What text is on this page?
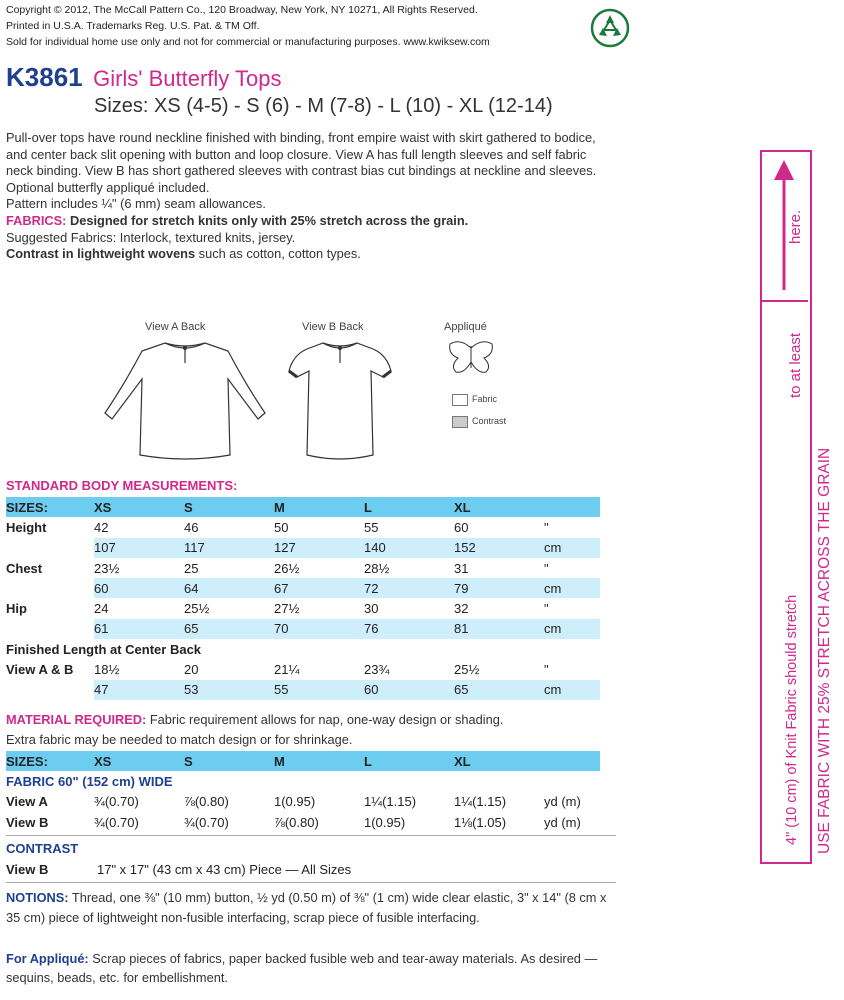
Copyright © 2012, The McCall Pattern Co., 120 Broadway, New York, NY 10271, All Rights Reserved.
Printed in U.S.A. Trademarks Reg. U.S. Pat. & TM Off.
Sold for individual home use only and not for commercial or manufacturing purposes. www.kwiksew.com
K3861 Girls' Butterfly Tops
Sizes: XS (4-5) - S (6) - M (7-8) - L (10) - XL (12-14)
Pull-over tops have round neckline finished with binding, front empire waist with skirt gathered to bodice, and center back slit opening with button and loop closure. View A has full length sleeves and self fabric neck binding. View B has short gathered sleeves with contrast bias cut bindings at neckline and sleeves. Optional butterfly appliqué included.
Pattern includes ¼" (6 mm) seam allowances.
FABRICS: Designed for stretch knits only with 25% stretch across the grain.
Suggested Fabrics: Interlock, textured knits, jersey.
Contrast in lightweight wovens such as cotton, cotton types.
View A Back	View B Back	Appliqué
Fabric
Contrast
STANDARD BODY MEASUREMENTS:
SIZES:	XS	S	M	L	XL	
Height	42	46	50	55	60	"
	107	117	127	140	152	cm
Chest	23½	25	26½	28½	31	"
	60	64	67	72	79	cm
Hip	24	25½	27½	30	32	"
	61	65	70	76	81	cm
Finished Length at Center Back						
View A & B	18½	20	21¼	23¾	25½	"
	47	53	55	60	65	cm
MATERIAL REQUIRED: Fabric requirement allows for nap, one-way design or shading.
Extra fabric may be needed to match design or for shrinkage.
SIZES:	XS	S	M	L	XL	
FABRIC 60" (152 cm) WIDE						
View A	¾(0.70)	⅞(0.80)	1(0.95)	1¼(1.15)	1¼(1.15)	yd (m)
View B	¾(0.70)	¾(0.70)	⅞(0.80)	1(0.95)	1⅛(1.05)	yd (m)
CONTRAST
View B	17" x 17" (43 cm x 43 cm) Piece — All Sizes
NOTIONS: Thread, one ⅜" (10 mm) button, ½ yd (0.50 m) of ⅜" (1 cm) wide clear elastic, 3" x 14" (8 cm x 35 cm) piece of lightweight non-fusible interfacing, scrap piece of fusible interfacing.
For Appliqué: Scrap pieces of fabrics, paper backed fusible web and tear-away materials. As desired — sequins, beads, etc. for embellishment.
here.
to at least
4" (10 cm) of Knit Fabric should stretch USE FABRIC WITH 25% STRETCH ACROSS THE GRAIN
